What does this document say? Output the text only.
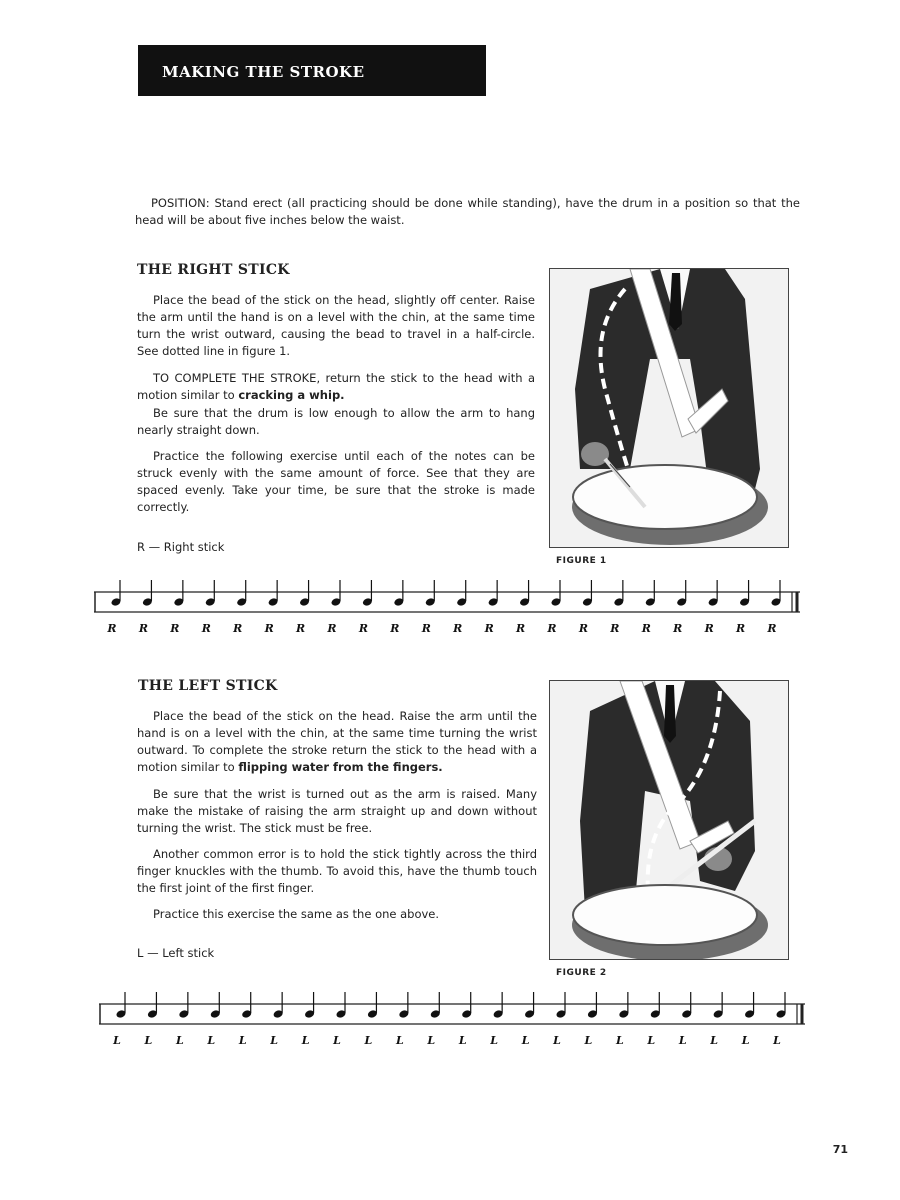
MAKING THE STROKE

POSITION: Stand erect (all practicing should be done while standing), have the drum in a position so that the head will be about five inches below the waist.

THE RIGHT STICK

Place the bead of the stick on the head, slightly off center. Raise the arm until the hand is on a level with the chin, at the same time turn the wrist outward, causing the bead to travel in a half-circle. See dotted line in figure 1.

TO COMPLETE THE STROKE, return the stick to the head with a motion similar to cracking a whip.

Be sure that the drum is low enough to allow the arm to hang nearly straight down.

Practice the following exercise until each of the notes can be struck evenly with the same amount of force. See that they are spaced evenly. Take your time, be sure that the stroke is made correctly.

R — Right stick

FIGURE 1
R R R R R R R R R R R R R R R R R R R R R R
THE LEFT STICK

Place the bead of the stick on the head. Raise the arm until the hand is on a level with the chin, at the same time turning the wrist outward. To complete the stroke return the stick to the head with a motion similar to flipping water from the fingers.

Be sure that the wrist is turned out as the arm is raised. Many make the mistake of raising the arm straight up and down without turning the wrist. The stick must be free.

Another common error is to hold the stick tightly across the third finger knuckles with the thumb. To avoid this, have the thumb touch the first joint of the first finger.

Practice this exercise the same as the one above.

L — Left stick

FIGURE 2
L L L L L L L L L L L L L L L L L L L L L L
71
